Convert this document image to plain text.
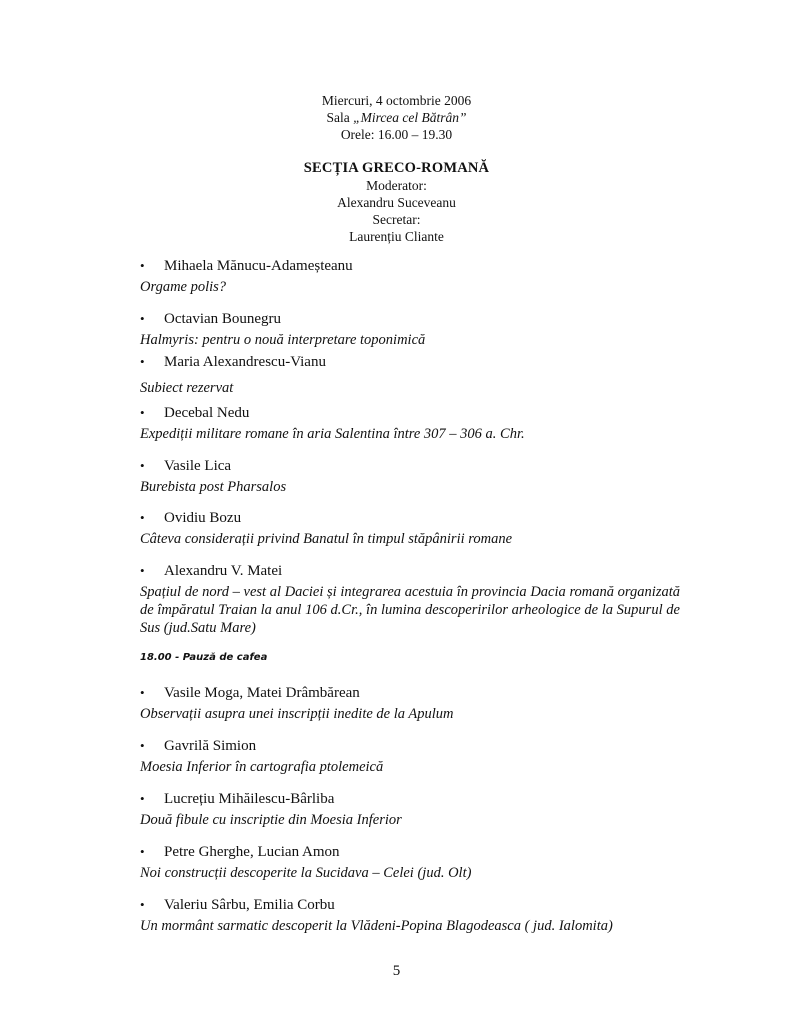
Miercuri, 4 octombrie 2006
Sala „Mircea cel Bătrân”
Orele: 16.00 – 19.30
SECȚIA GRECO-ROMANĂ
Moderator:
Alexandru Suceveanu
Secretar:
Laurențiu Cliante
• Mihaela Mănucu-Adameșteanu
Orgame polis?
• Octavian Bounegru
Halmyris: pentru o nouă interpretare toponimică
• Maria Alexandrescu-Vianu
Subiect rezervat
• Decebal Nedu
Expediții militare romane în aria Salentina între 307 – 306 a. Chr.
• Vasile Lica
Burebista post Pharsalos
• Ovidiu Bozu
Câteva considerații privind Banatul în timpul stăpânirii romane
• Alexandru V. Matei
Spațiul de nord – vest al Daciei și integrarea acestuia în provincia Dacia romană organizată de împăratul Traian la anul 106 d.Cr., în lumina descoperirilor arheologice de la Supurul de Sus (jud.Satu Mare)
18.00 - Pauză de cafea
• Vasile Moga, Matei Drâmbărean
Observații asupra unei inscripții inedite de la Apulum
• Gavrilă Simion
Moesia Inferior în cartografia ptolemeică
• Lucrețiu Mihăilescu-Bârliba
Două fibule cu inscriptie din Moesia Inferior
• Petre Gherghe, Lucian Amon
Noi construcții descoperite la Sucidava – Celei (jud. Olt)
• Valeriu Sârbu, Emilia Corbu
Un mormânt sarmatic descoperit la Vlădeni-Popina Blagodeasca ( jud. Ialomita)
5
